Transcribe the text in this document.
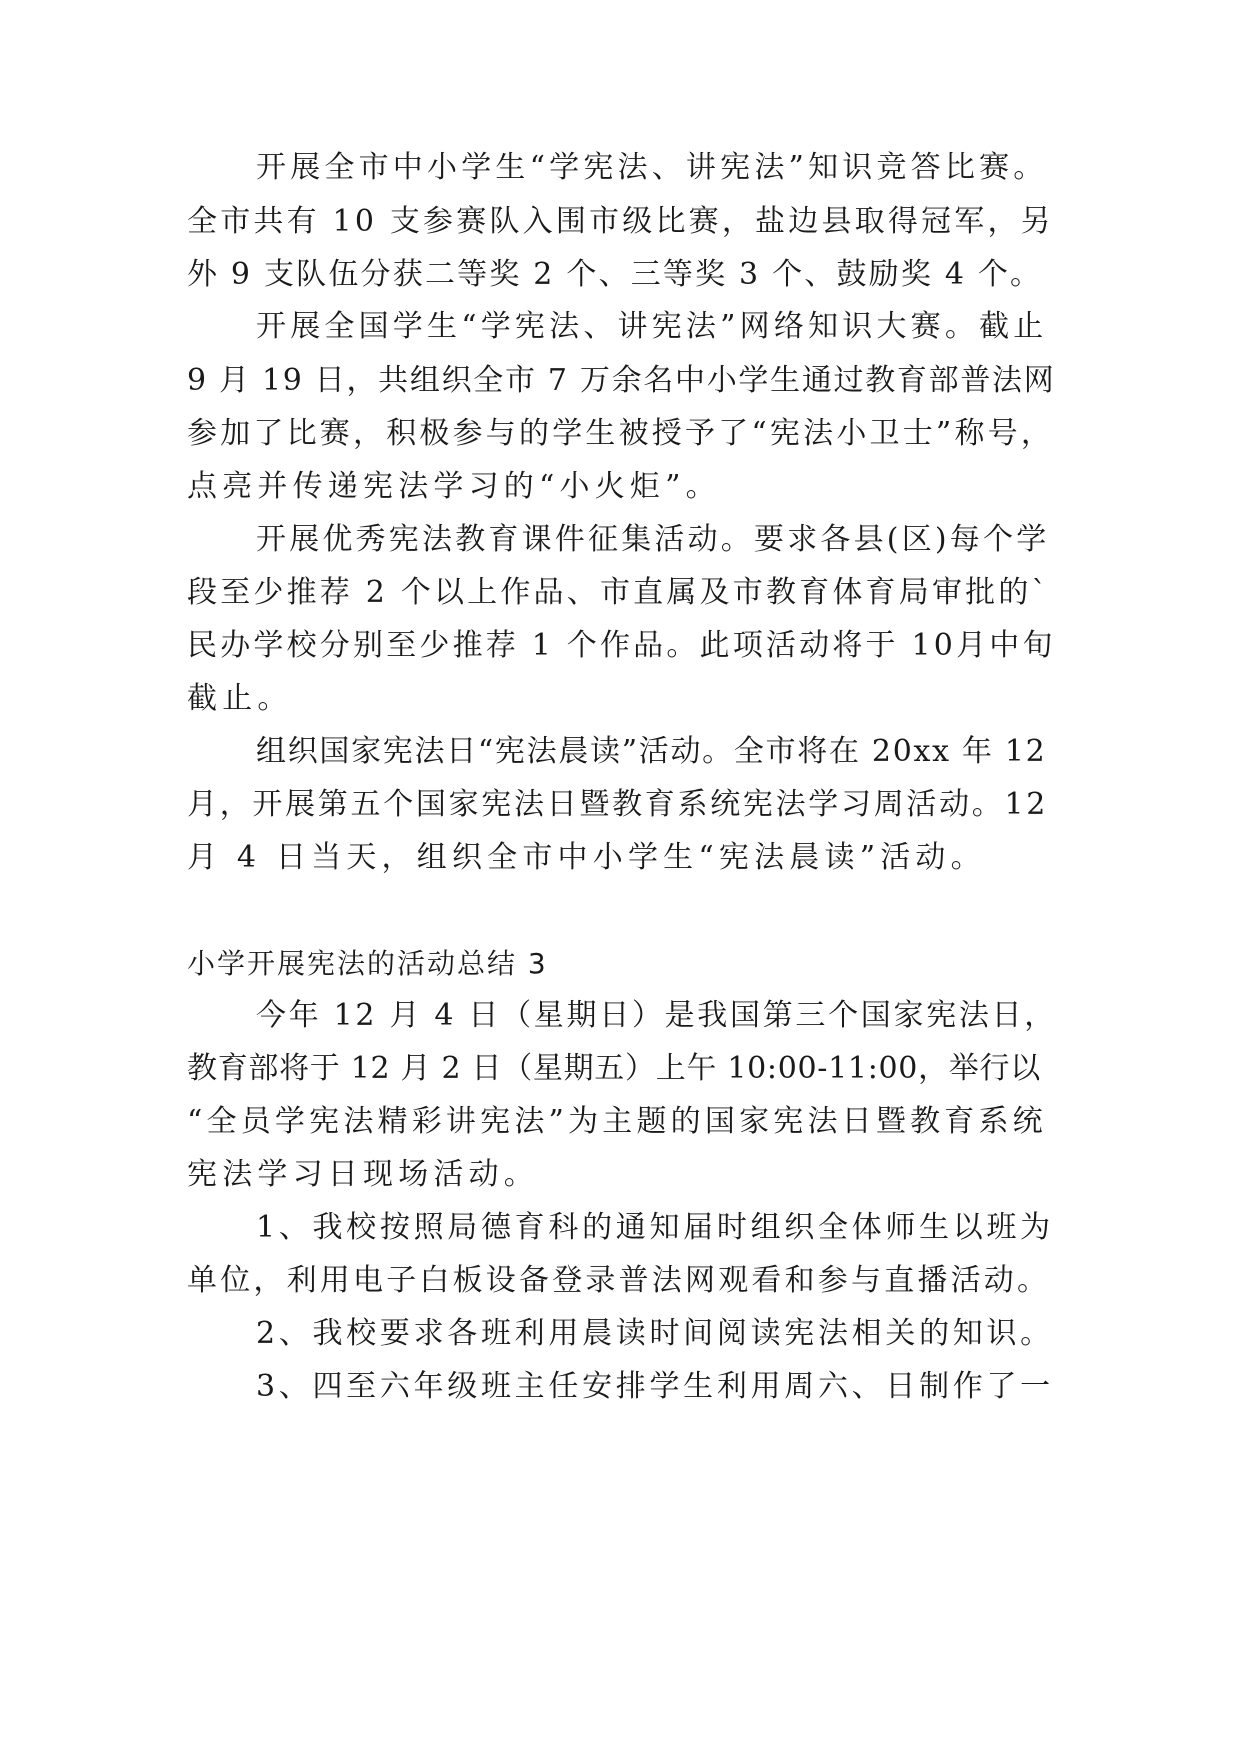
开展全市中小学生“学宪法、讲宪法”知识竞答比赛。
全市共有 10 支参赛队入围市级比赛，盐边县取得冠军，另
外 9 支队伍分获二等奖 2 个、三等奖 3 个、鼓励奖 4 个。
开展全国学生“学宪法、讲宪法”网络知识大赛。截止
9 月 19 日，共组织全市 7 万余名中小学生通过教育部普法网
参加了比赛，积极参与的学生被授予了“宪法小卫士”称号，
点亮并传递宪法学习的“小火炬”。
开展优秀宪法教育课件征集活动。要求各县(区)每个学
段至少推荐 2 个以上作品、市直属及市教育体育局审批的`
民办学校分别至少推荐 1 个作品。此项活动将于 10月中旬
截止。
组织国家宪法日“宪法晨读”活动。全市将在 20xx 年 12
月，开展第五个国家宪法日暨教育系统宪法学习周活动。12
月 4 日当天，组织全市中小学生“宪法晨读”活动。
小学开展宪法的活动总结 3
今年 12 月 4 日（星期日）是我国第三个国家宪法日，
教育部将于 12 月 2 日（星期五）上午 10:00-11:00，举行以
“全员学宪法精彩讲宪法”为主题的国家宪法日暨教育系统
宪法学习日现场活动。
1、我校按照局德育科的通知届时组织全体师生以班为
单位，利用电子白板设备登录普法网观看和参与直播活动。
2、我校要求各班利用晨读时间阅读宪法相关的知识。
3、四至六年级班主任安排学生利用周六、日制作了一
